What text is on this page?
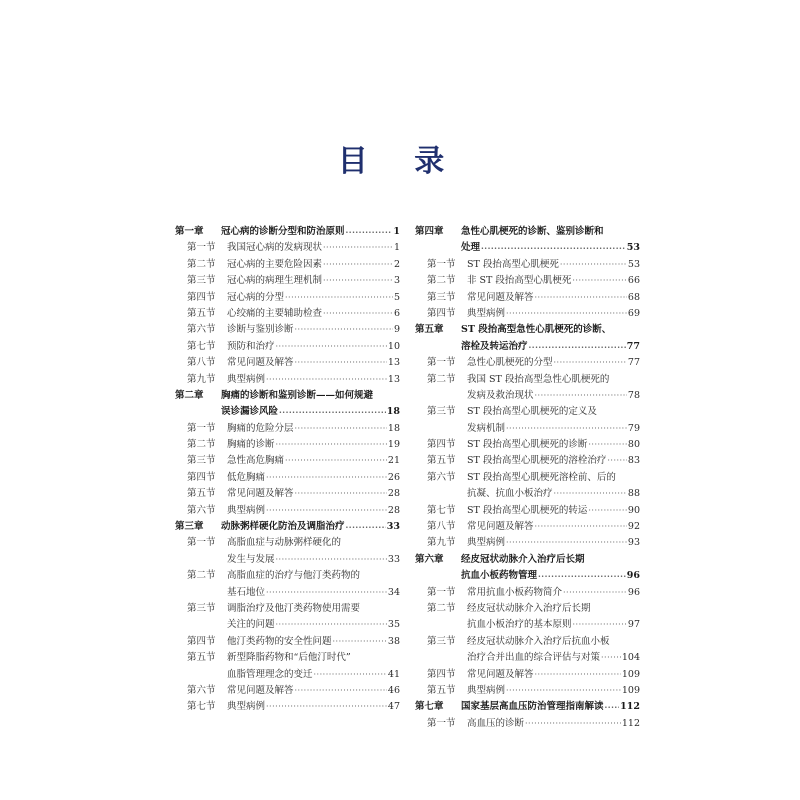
目 录
第一章 冠心病的诊断分型和防治原则 ·····	1
第一节 我国冠心病的发病现状 ·····	1
第二节 冠心病的主要危险因素 ·····	2
第三节 冠心病的病理生理机制 ·····	3
第四节 冠心病的分型 ·····	5
第五节 心绞痛的主要辅助检查 ·····	6
第六节 诊断与鉴别诊断 ·····	9
第七节 预防和治疗 ·····	10
第八节 常见问题及解答 ·····	13
第九节 典型病例 ·····	13
第二章 胸痛的诊断和鉴别诊断——如何规避
误诊漏诊风险 ·····	18
第一节 胸痛的危险分层 ·····	18
第二节 胸痛的诊断 ·····	19
第三节 急性高危胸痛 ·····	21
第四节 低危胸痛 ·····	26
第五节 常见问题及解答 ·····	28
第六节 典型病例 ·····	28
第三章 动脉粥样硬化防治及调脂治疗 ·····	33
第一节 高脂血症与动脉粥样硬化的
发生与发展 ·····	33
第二节 高脂血症的治疗与他汀类药物的
基石地位 ·····	34
第三节 调脂治疗及他汀类药物使用需要
关注的问题 ·····	35
第四节 他汀类药物的安全性问题 ·····	38
第五节 新型降脂药物和“后他汀时代”
血脂管理理念的变迁 ·····	41
第六节 常见问题及解答 ·····	46
第七节 典型病例 ·····	47
第四章 急性心肌梗死的诊断、鉴别诊断和
处理 ·····	53
第一节 ST 段抬高型心肌梗死 ·····	53
第二节 非 ST 段抬高型心肌梗死 ·····	66
第三节 常见问题及解答 ·····	68
第四节 典型病例 ·····	69
第五章 ST 段抬高型急性心肌梗死的诊断、
溶栓及转运治疗 ·····	77
第一节 急性心肌梗死的分型 ·····	77
第二节 我国 ST 段抬高型急性心肌梗死的
发病及救治现状 ·····	78
第三节 ST 段抬高型心肌梗死的定义及
发病机制 ·····	79
第四节 ST 段抬高型心肌梗死的诊断 ·····	80
第五节 ST 段抬高型心肌梗死的溶栓治疗 ····· 83
第六节 ST 段抬高型心肌梗死溶栓前、后的
抗凝、抗血小板治疗 ·····	88
第七节 ST 段抬高型心肌梗死的转运 ·····	90
第八节 常见问题及解答 ·····	92
第九节 典型病例 ·····	93
第六章 经皮冠状动脉介入治疗后长期
抗血小板药物管理 ·····	96
第一节 常用抗血小板药物简介 ·····	96
第二节 经皮冠状动脉介入治疗后长期
抗血小板治疗的基本原则 ·····	97
第三节 经皮冠状动脉介入治疗后抗血小板
治疗合并出血的综合评估与对策 ····· 104
第四节 常见问题及解答 ·····	109
第五节 典型病例 ·····	109
第七章 国家基层高血压防治管理指南解读 ····· 112
第一节 高血压的诊断 ·····	112
